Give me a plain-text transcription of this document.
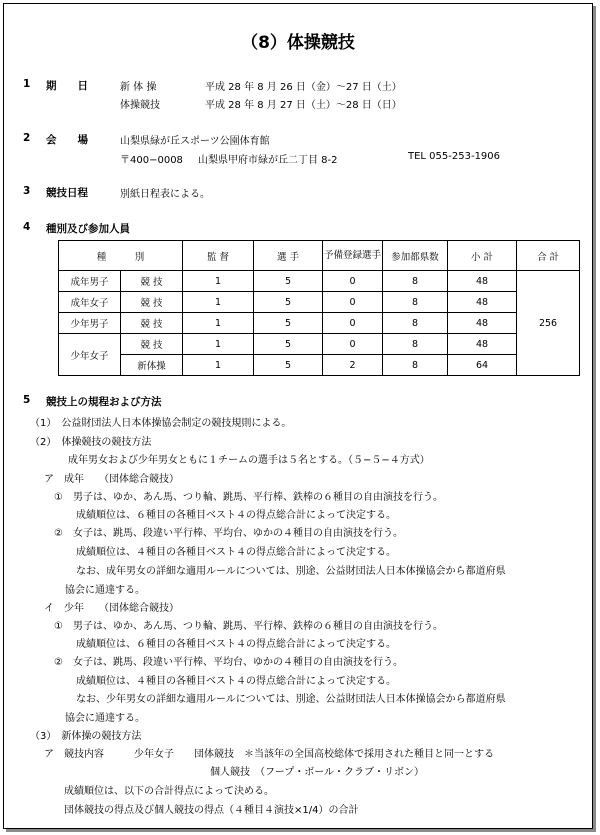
（8）体操競技
1 期　　日	新 体 操	平成 28 年 8 月 26 日（金）～27 日（土）
体操競技	平成 28 年 8 月 27 日（土）～28 日（日）
2 会　　場	山梨県緑が丘スポーツ公園体育館
〒400−0008 山梨県甲府市緑が丘二丁目 8-2	TEL 055-253-1906
3 競技日程	別紙日程表による。
4 種別及び参加人員
種　　　別		監 督	選 手	予備登録選手	参加都県数	小 計	合 計
成年男子	競 技	1	5	0	8	48	256
成年女子	競 技	1	5	0	8	48	
少年男子	競 技	1	5	0	8	48	
少年女子	競 技	1	5	0	8	48	
	新体操	1	5	2	8	64	
5 競技上の規程および方法
（1）　公益財団法人日本体操協会制定の競技規則による。
（2）　体操競技の競技方法
成年男女および少年男女ともに１チームの選手は５名とする。（５−５−４方式）
ア　成年　　（団体総合競技）
①　男子は、ゆか、あん馬、つり輪、跳馬、平行棒、鉄棒の６種目の自由演技を行う。
成績順位は、６種目の各種目ベスト４の得点総合計によって決定する。
②　女子は、跳馬、段違い平行棒、平均台、ゆかの４種目の自由演技を行う。
成績順位は、４種目の各種目ベスト４の得点総合計によって決定する。
なお、成年男女の詳細な適用ルールについては、別途、公益財団法人日本体操協会から都道府県
協会に通達する。
イ　少年　　（団体総合競技）
①　男子は、ゆか、あん馬、つり輪、跳馬、平行棒、鉄棒の６種目の自由演技を行う。
成績順位は、６種目の各種目ベスト４の得点総合計によって決定する。
②　女子は、跳馬、段違い平行棒、平均台、ゆかの４種目の自由演技を行う。
成績順位は、４種目の各種目ベスト４の得点総合計によって決定する。
なお、少年男女の詳細な適用ルールについては、別途、公益財団法人日本体操協会から都道府県
協会に通達する。
（3）　新体操の競技方法
ア　競技内容　　　少年女子　　団体競技　＊当該年の全国高校総体で採用された種目と同一とする
個人競技　（フープ・ボール・クラブ・リボン）
成績順位は、以下の合計得点によって決める。
団体競技の得点及び個人競技の得点（４種目４演技×1/4）の合計
